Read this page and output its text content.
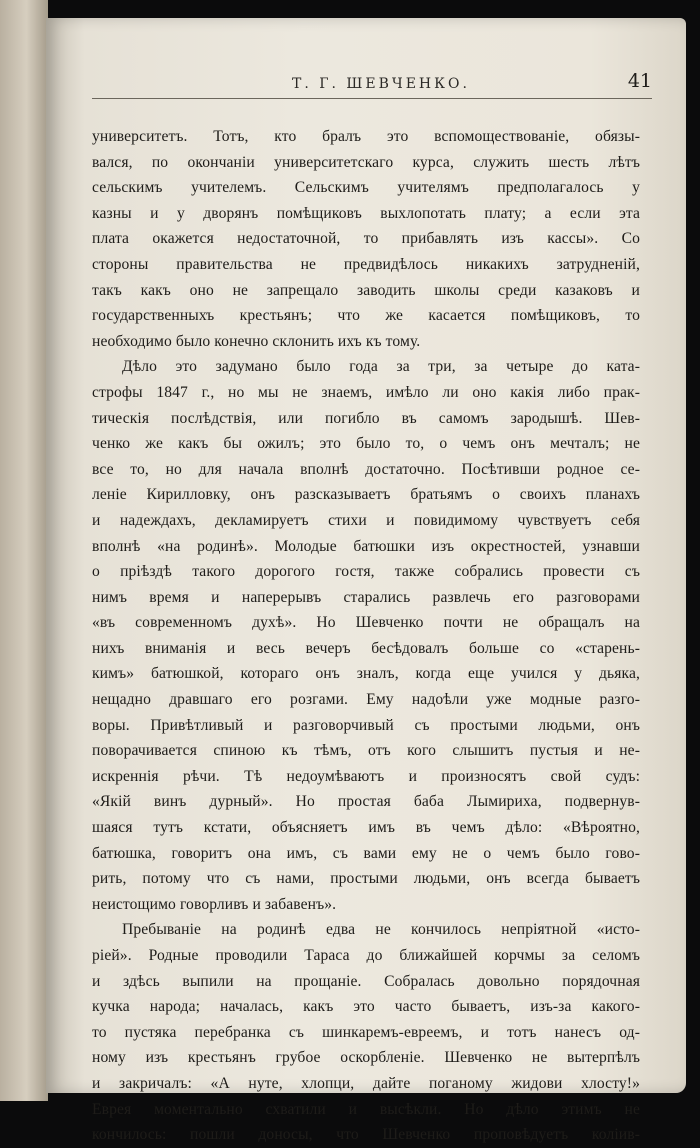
Т. Г. ШЕВЧЕНКО.	41
университетъ. Тотъ, кто бралъ это вспомоществованіе, обязы-
вался, по окончаніи университетскаго курса, служить шесть лѣтъ
сельскимъ учителемъ. Сельскимъ учителямъ предполагалось у
казны и у дворянъ помѣщиковъ выхлопотать плату; а если эта
плата окажется недостаточной, то прибавлять изъ кассы». Со
стороны правительства не предвидѣлось никакихъ затрудненій,
такъ какъ оно не запрещало заводить школы среди казаковъ и
государственныхъ крестьянъ; что же касается помѣщиковъ, то
необходимо было конечно склонить ихъ къ тому.
Дѣло это задумано было года за три, за четыре до ката-
строфы 1847 г., но мы не знаемъ, имѣло ли оно какія либо прак-
тическія послѣдствія, или погибло въ самомъ зародышѣ. Шев-
ченко же какъ бы ожилъ; это было то, о чемъ онъ мечталъ; не
все то, но для начала вполнѣ достаточно. Посѣтивши родное се-
леніе Кирилловку, онъ разсказываетъ братьямъ о своихъ планахъ
и надеждахъ, декламируетъ стихи и повидимому чувствуетъ себя
вполнѣ «на родинѣ». Молодые батюшки изъ окрестностей, узнавши
о пріѣздѣ такого дорогого гостя, также собрались провести съ
нимъ время и наперерывъ старались развлечь его разговорами
«въ современномъ духѣ». Но Шевченко почти не обращалъ на
нихъ вниманія и весь вечеръ бесѣдовалъ больше со «старень-
кимъ» батюшкой, котораго онъ зналъ, когда еще учился у дьяка,
нещадно дравшаго его розгами. Ему надоѣли уже модные разго-
воры. Привѣтливый и разговорчивый съ простыми людьми, онъ
поворачивается спиною къ тѣмъ, отъ кого слышитъ пустыя и не-
искреннія рѣчи. Тѣ недоумѣваютъ и произносятъ свой судъ:
«Якій винъ дурный». Но простая баба Лымириха, подвернув-
шаяся тутъ кстати, объясняетъ имъ въ чемъ дѣло: «Вѣроятно,
батюшка, говоритъ она имъ, съ вами ему не о чемъ было гово-
рить, потому что съ нами, простыми людьми, онъ всегда бываетъ
неистощимо говорливъ и забавенъ».
Пребываніе на родинѣ едва не кончилось непріятной «исто-
ріей». Родные проводили Тараса до ближайшей корчмы за селомъ
и здѣсь выпили на прощаніе. Собралась довольно порядочная
кучка народа; началась, какъ это часто бываетъ, изъ-за какого-
то пустяка перебранка съ шинкаремъ-евреемъ, и тотъ нанесъ од-
ному изъ крестьянъ грубое оскорбленіе. Шевченко не вытерпѣлъ
и закричалъ: «А нуте, хлопци, дайте поганому жидови хлосту!»
Еврея моментально схватили и высѣкли. Но дѣло этимъ не
кончилось: пошли доносы, что Шевченко проповѣдуетъ колiив-
